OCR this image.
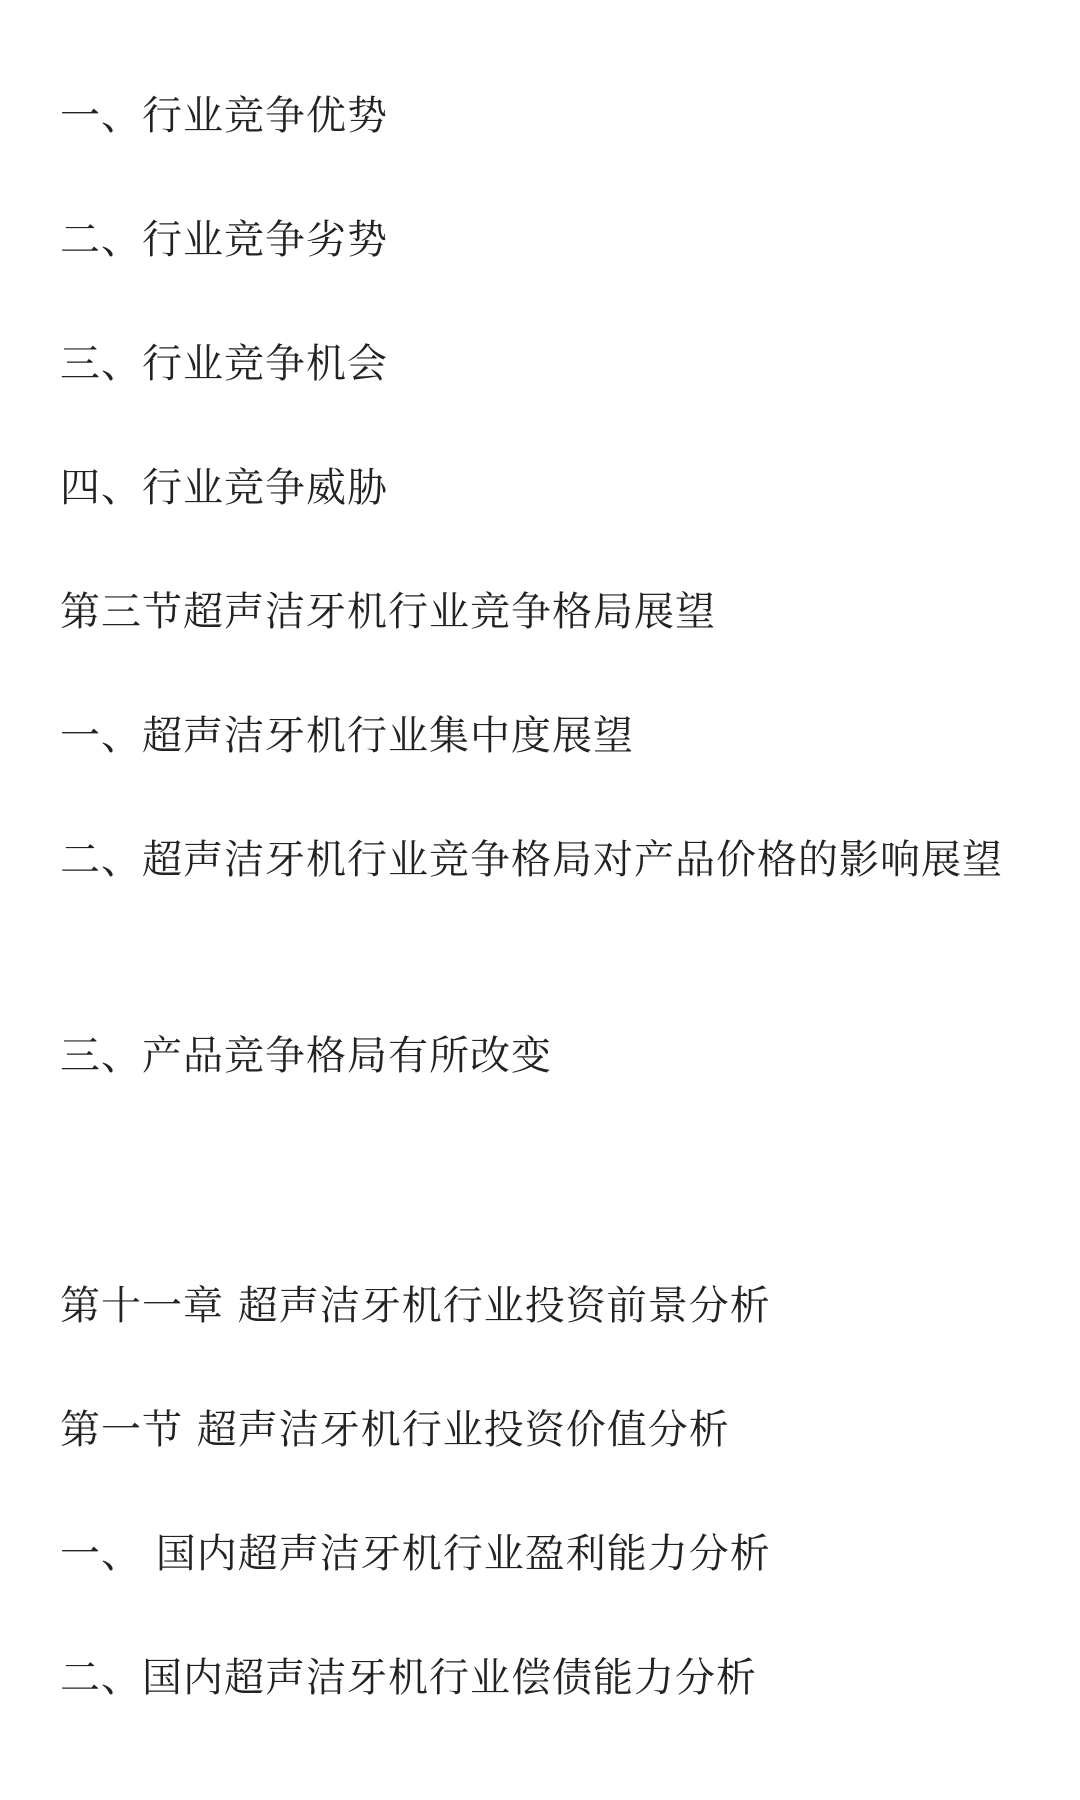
一、行业竞争优势
二、行业竞争劣势
三、行业竞争机会
四、行业竞争威胁
第三节超声洁牙机行业竞争格局展望
一、超声洁牙机行业集中度展望
二、超声洁牙机行业竞争格局对产品价格的影响展望
三、产品竞争格局有所改变
第十一章 超声洁牙机行业投资前景分析
第一节 超声洁牙机行业投资价值分析
一、 国内超声洁牙机行业盈利能力分析
二、国内超声洁牙机行业偿债能力分析
